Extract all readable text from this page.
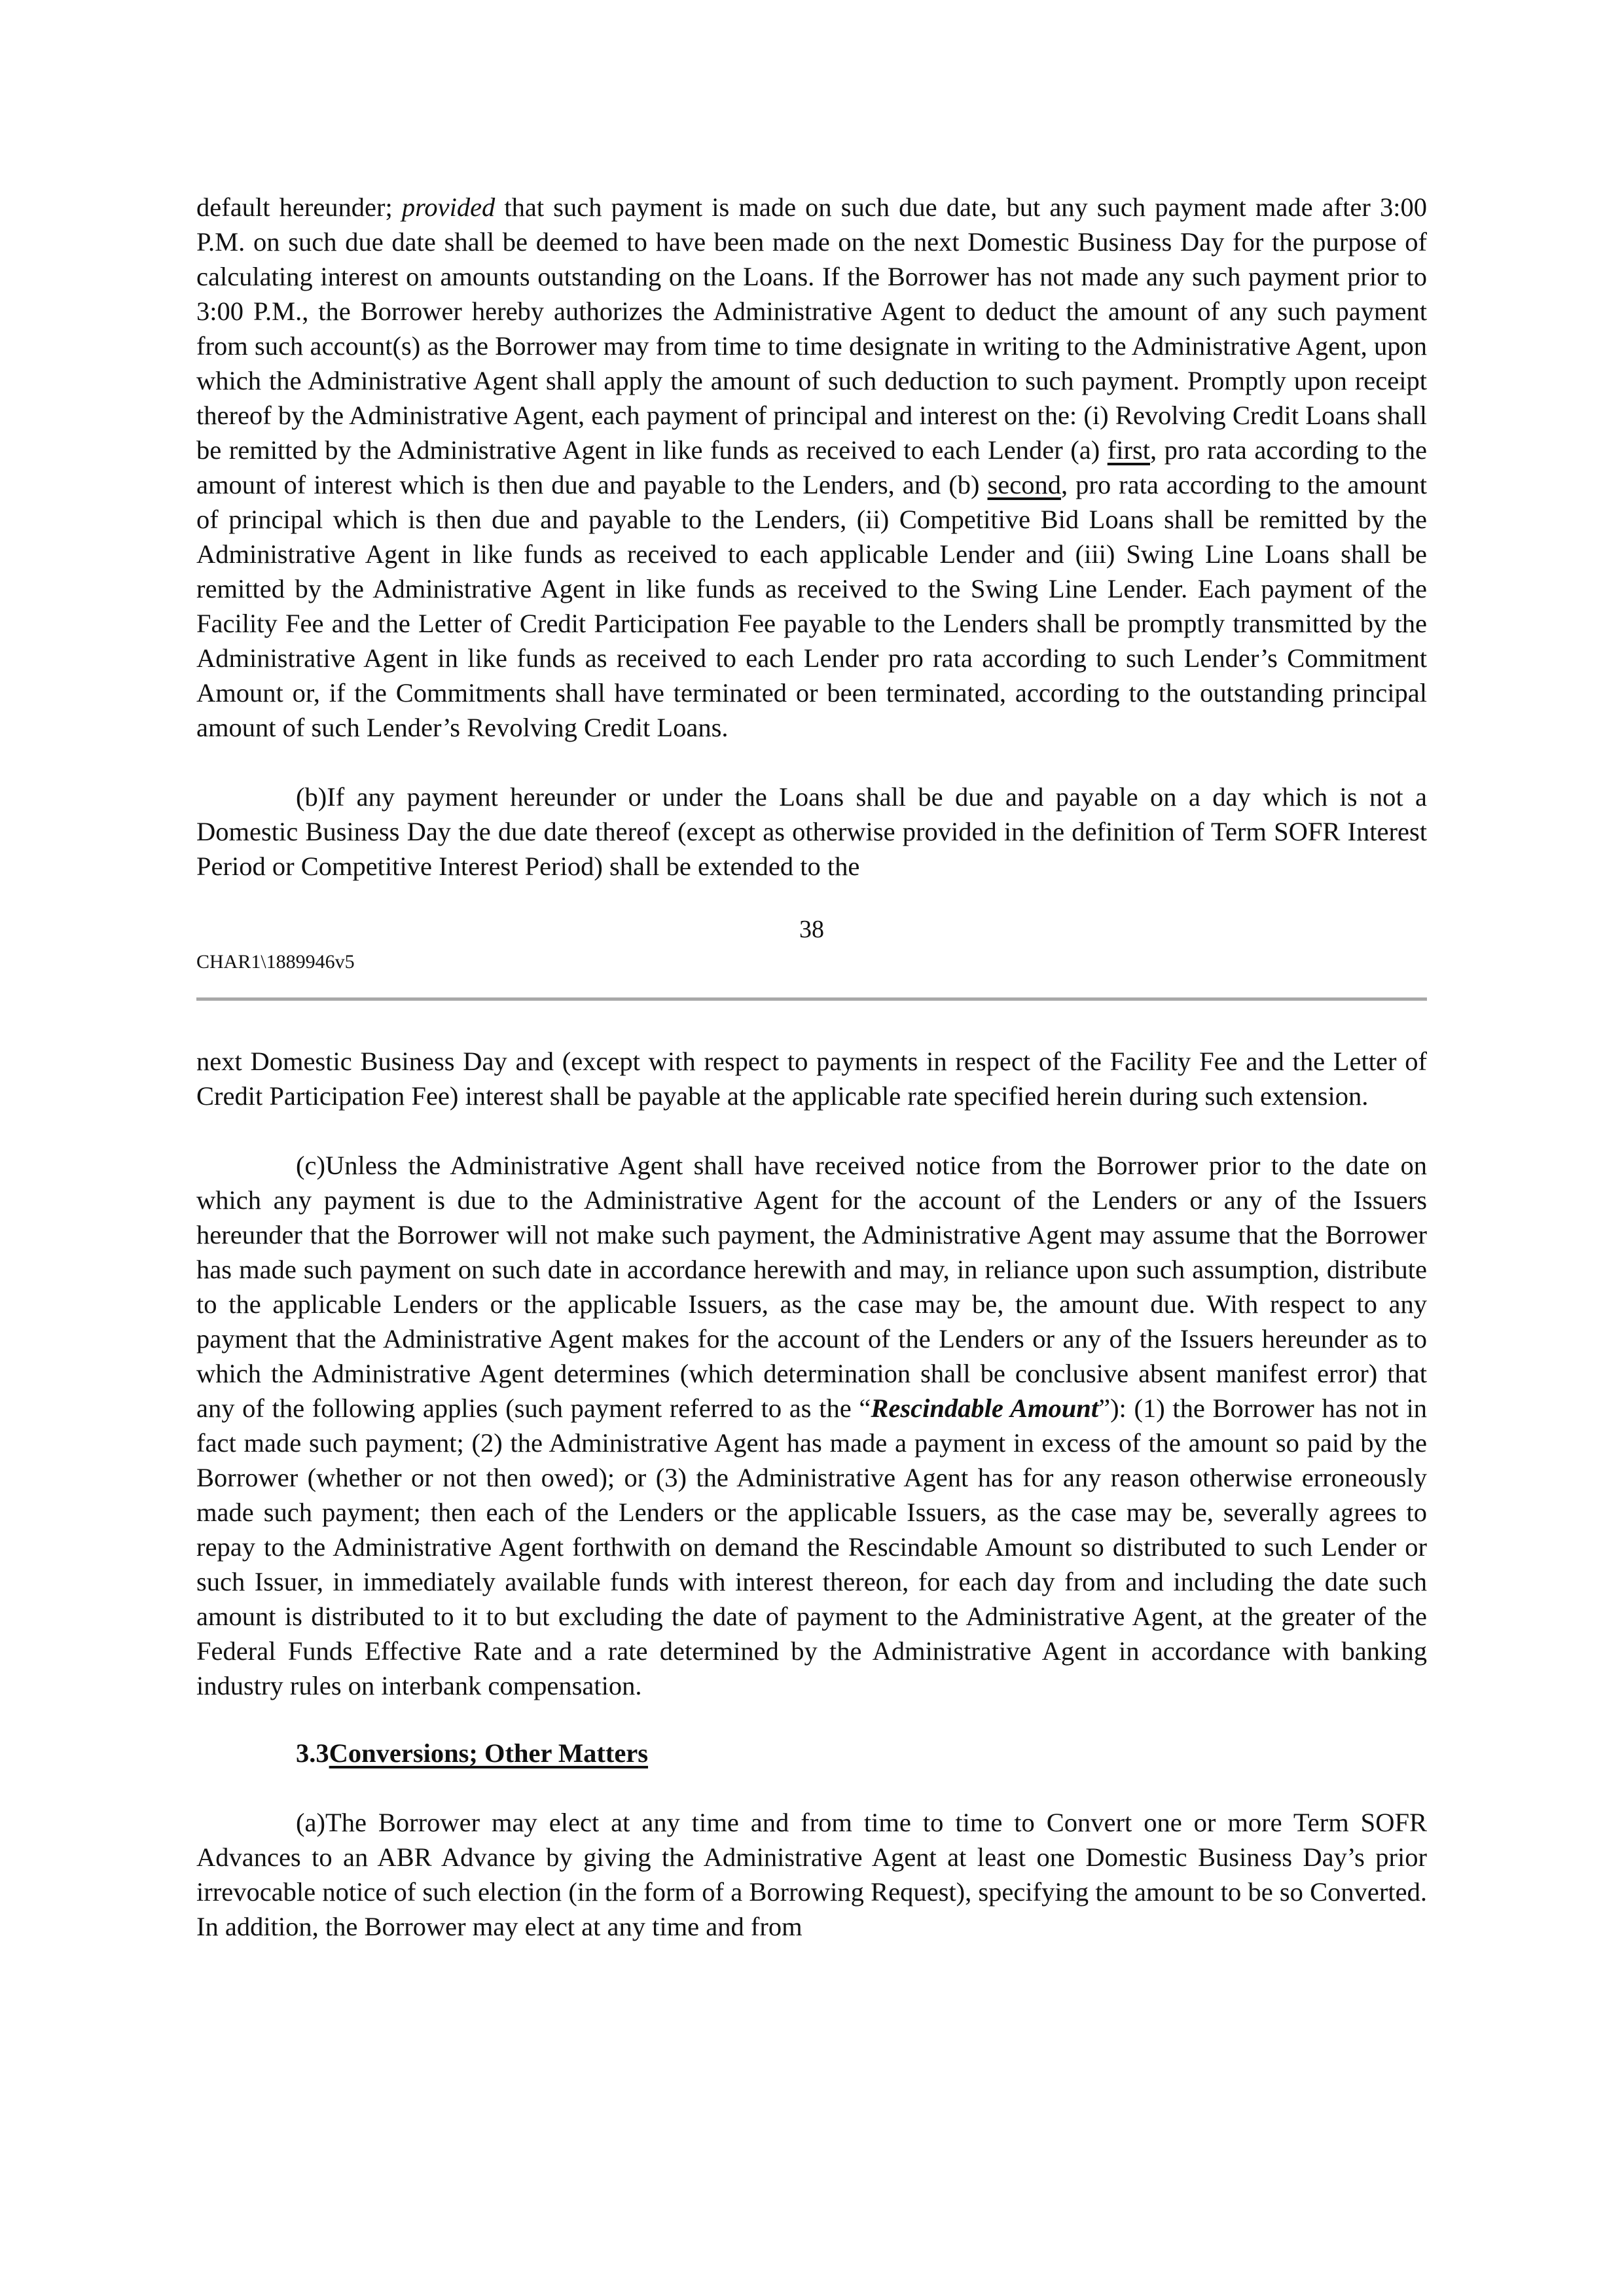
default hereunder; provided that such payment is made on such due date, but any such payment made after 3:00 P.M. on such due date shall be deemed to have been made on the next Domestic Business Day for the purpose of calculating interest on amounts outstanding on the Loans. If the Borrower has not made any such payment prior to 3:00 P.M., the Borrower hereby authorizes the Administrative Agent to deduct the amount of any such payment from such account(s) as the Borrower may from time to time designate in writing to the Administrative Agent, upon which the Administrative Agent shall apply the amount of such deduction to such payment. Promptly upon receipt thereof by the Administrative Agent, each payment of principal and interest on the: (i) Revolving Credit Loans shall be remitted by the Administrative Agent in like funds as received to each Lender (a) first, pro rata according to the amount of interest which is then due and payable to the Lenders, and (b) second, pro rata according to the amount of principal which is then due and payable to the Lenders, (ii) Competitive Bid Loans shall be remitted by the Administrative Agent in like funds as received to each applicable Lender and (iii) Swing Line Loans shall be remitted by the Administrative Agent in like funds as received to the Swing Line Lender. Each payment of the Facility Fee and the Letter of Credit Participation Fee payable to the Lenders shall be promptly transmitted by the Administrative Agent in like funds as received to each Lender pro rata according to such Lender’s Commitment Amount or, if the Commitments shall have terminated or been terminated, according to the outstanding principal amount of such Lender’s Revolving Credit Loans.

(b)If any payment hereunder or under the Loans shall be due and payable on a day which is not a Domestic Business Day the due date thereof (except as otherwise provided in the definition of Term SOFR Interest Period or Competitive Interest Period) shall be extended to the

38
CHAR1\1889946v5

next Domestic Business Day and (except with respect to payments in respect of the Facility Fee and the Letter of Credit Participation Fee) interest shall be payable at the applicable rate specified herein during such extension.

(c)Unless the Administrative Agent shall have received notice from the Borrower prior to the date on which any payment is due to the Administrative Agent for the account of the Lenders or any of the Issuers hereunder that the Borrower will not make such payment, the Administrative Agent may assume that the Borrower has made such payment on such date in accordance herewith and may, in reliance upon such assumption, distribute to the applicable Lenders or the applicable Issuers, as the case may be, the amount due. With respect to any payment that the Administrative Agent makes for the account of the Lenders or any of the Issuers hereunder as to which the Administrative Agent determines (which determination shall be conclusive absent manifest error) that any of the following applies (such payment referred to as the “Rescindable Amount”): (1) the Borrower has not in fact made such payment; (2) the Administrative Agent has made a payment in excess of the amount so paid by the Borrower (whether or not then owed); or (3) the Administrative Agent has for any reason otherwise erroneously made such payment; then each of the Lenders or the applicable Issuers, as the case may be, severally agrees to repay to the Administrative Agent forthwith on demand the Rescindable Amount so distributed to such Lender or such Issuer, in immediately available funds with interest thereon, for each day from and including the date such amount is distributed to it to but excluding the date of payment to the Administrative Agent, at the greater of the Federal Funds Effective Rate and a rate determined by the Administrative Agent in accordance with banking industry rules on interbank compensation.

3.3Conversions; Other Matters

(a)The Borrower may elect at any time and from time to time to Convert one or more Term SOFR Advances to an ABR Advance by giving the Administrative Agent at least one Domestic Business Day’s prior irrevocable notice of such election (in the form of a Borrowing Request), specifying the amount to be so Converted. In addition, the Borrower may elect at any time and from
